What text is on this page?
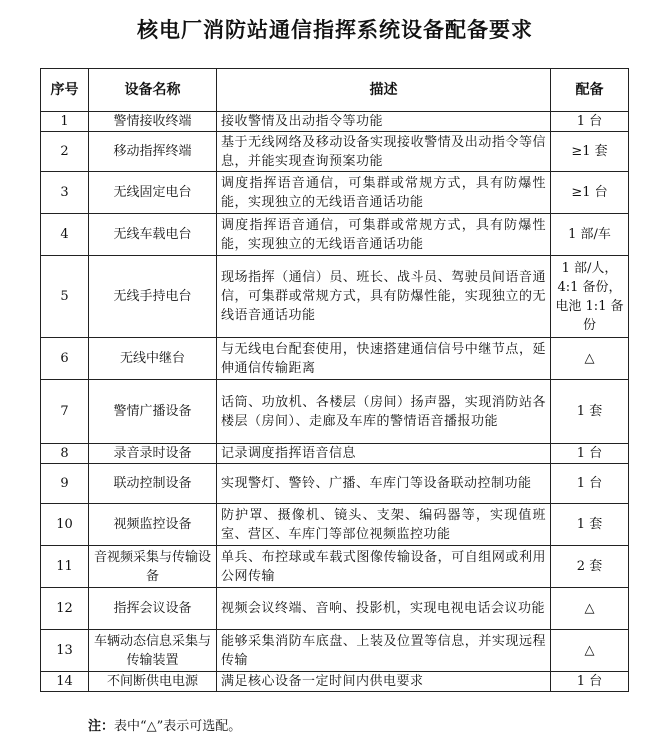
核电厂消防站通信指挥系统设备配备要求
序号	设备名称	描述	配备
1	警情接收终端	接收警情及出动指令等功能	1 台
2	移动指挥终端	基于无线网络及移动设备实现接收警情及出动指令等信息，并能实现查询预案功能	≥1 套
3	无线固定电台	调度指挥语音通信，可集群或常规方式，具有防爆性能，实现独立的无线语音通话功能	≥1 台
4	无线车载电台	调度指挥语音通信，可集群或常规方式，具有防爆性能，实现独立的无线语音通话功能	1 部/车
5	无线手持电台	现场指挥（通信）员、班长、战斗员、驾驶员间语音通信，可集群或常规方式，具有防爆性能，实现独立的无线语音通话功能	1 部/人，4:1 备份，电池 1:1 备份
6	无线中继台	与无线电台配套使用，快速搭建通信信号中继节点，延伸通信传输距离	△
7	警情广播设备	话筒、功放机、各楼层（房间）扬声器，实现消防站各楼层（房间）、走廊及车库的警情语音播报功能	1 套
8	录音录时设备	记录调度指挥语音信息	1 台
9	联动控制设备	实现警灯、警铃、广播、车库门等设备联动控制功能	1 台
10	视频监控设备	防护罩、摄像机、镜头、支架、编码器等，实现值班室、营区、车库门等部位视频监控功能	1 套
11	音视频采集与传输设备	单兵、布控球或车载式图像传输设备，可自组网或利用公网传输	2 套
12	指挥会议设备	视频会议终端、音响、投影机，实现电视电话会议功能	△
13	车辆动态信息采集与传输装置	能够采集消防车底盘、上装及位置等信息，并实现远程传输	△
14	不间断供电电源	满足核心设备一定时间内供电要求	1 台
注：表中“△”表示可选配。
